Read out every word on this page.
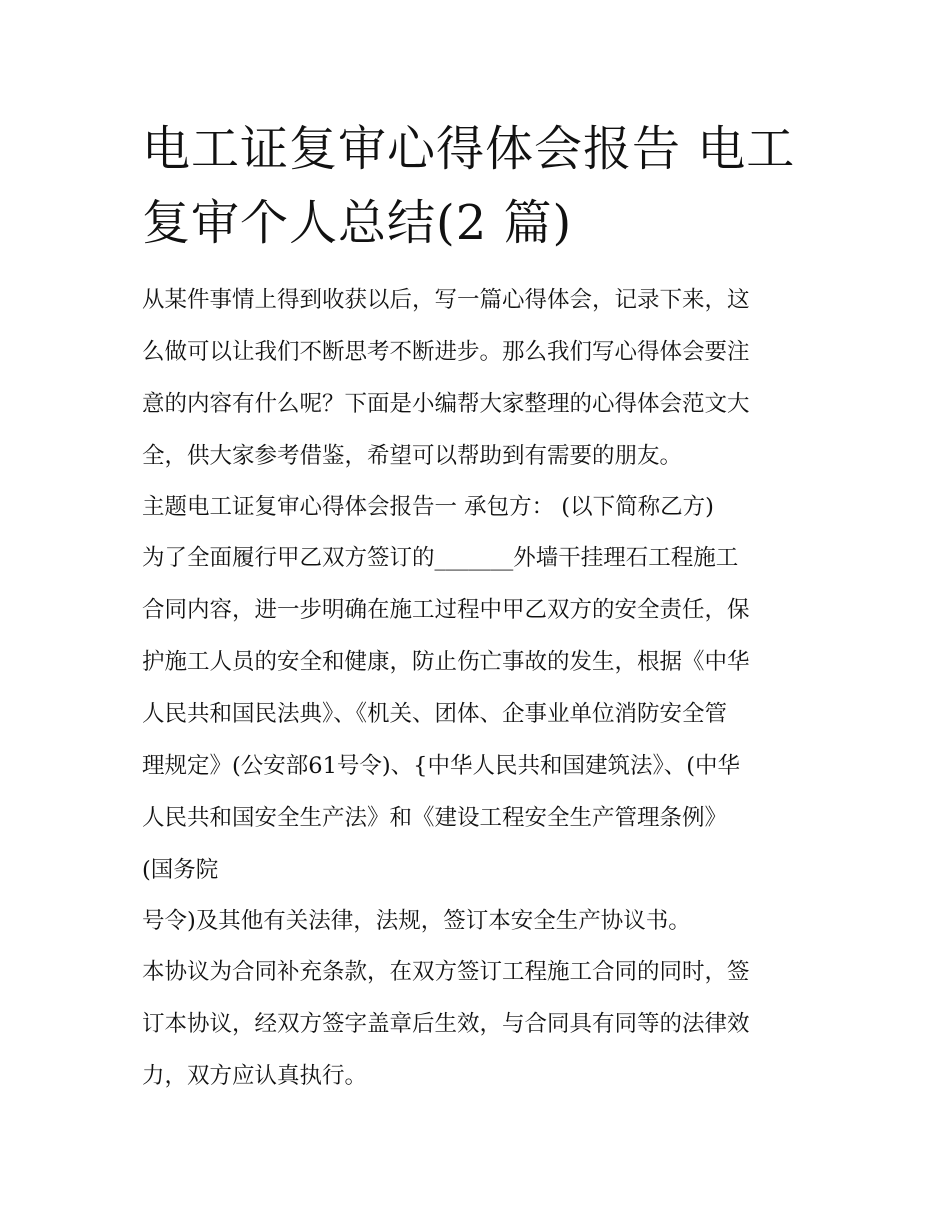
电工证复审心得体会报告 电工
复审个人总结(2 篇)
从某件事情上得到收获以后，写一篇心得体会，记录下来，这
么做可以让我们不断思考不断进步。那么我们写心得体会要注
意的内容有什么呢？下面是小编帮大家整理的心得体会范文大
全，供大家参考借鉴，希望可以帮助到有需要的朋友。
主题电工证复审心得体会报告一 承包方： (以下简称乙方)
为了全面履行甲乙双方签订的_______外墙干挂理石工程施工
合同内容，进一步明确在施工过程中甲乙双方的安全责任，保
护施工人员的安全和健康，防止伤亡事故的发生，根据《中华
人民共和国民法典》、《机关、团体、企事业单位消防安全管
理规定》(公安部61号令)、{中华人民共和国建筑法》、(中华
人民共和国安全生产法》和《建设工程安全生产管理条例》
(国务院
号令)及其他有关法律，法规，签订本安全生产协议书。
本协议为合同补充条款，在双方签订工程施工合同的同时，签
订本协议，经双方签字盖章后生效，与合同具有同等的法律效
力，双方应认真执行。
